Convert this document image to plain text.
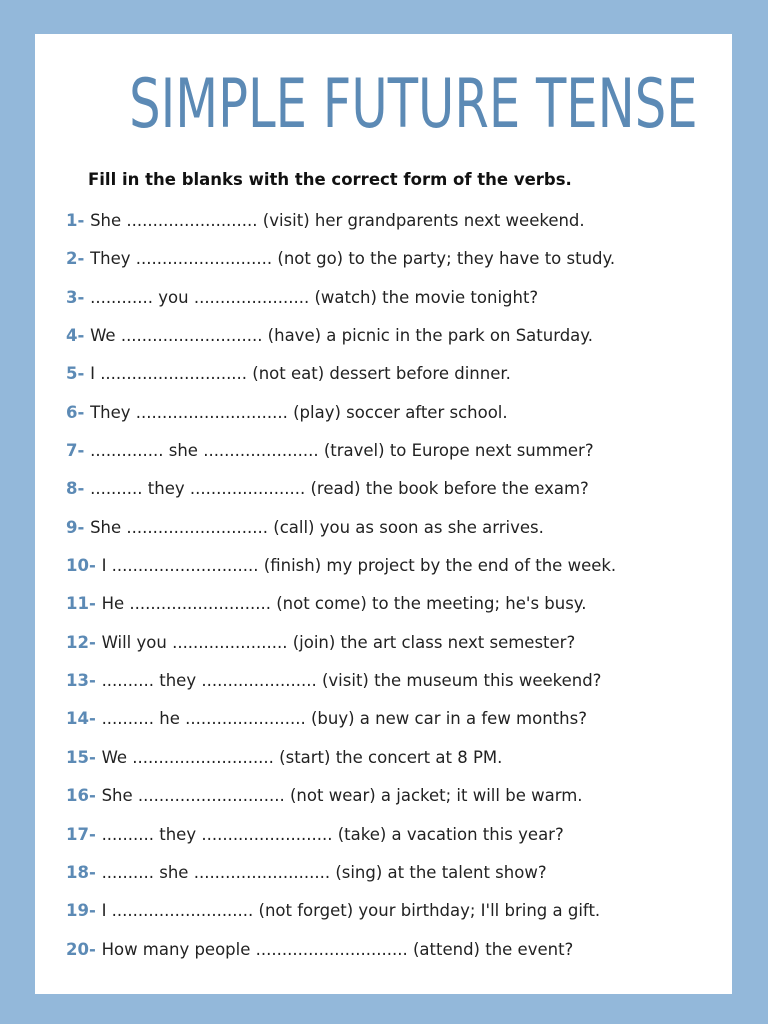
SIMPLE FUTURE TENSE
Fill in the blanks with the correct form of the verbs.
1- She ......................... (visit) her grandparents next weekend.
2- They .......................... (not go) to the party; they have to study.
3- ............ you ...................... (watch) the movie tonight?
4- We ........................... (have) a picnic in the park on Saturday.
5- I ............................ (not eat) dessert before dinner.
6- They ............................. (play) soccer after school.
7- .............. she ...................... (travel) to Europe next summer?
8- .......... they ...................... (read) the book before the exam?
9- She ........................... (call) you as soon as she arrives.
10- I ............................ (finish) my project by the end of the week.
11- He ........................... (not come) to the meeting; he's busy.
12- Will you ...................... (join) the art class next semester?
13- .......... they ...................... (visit) the museum this weekend?
14- .......... he ....................... (buy) a new car in a few months?
15- We ........................... (start) the concert at 8 PM.
16- She ............................ (not wear) a jacket; it will be warm.
17- .......... they ......................... (take) a vacation this year?
18- .......... she .......................... (sing) at the talent show?
19- I ........................... (not forget) your birthday; I'll bring a gift.
20- How many people ............................. (attend) the event?
